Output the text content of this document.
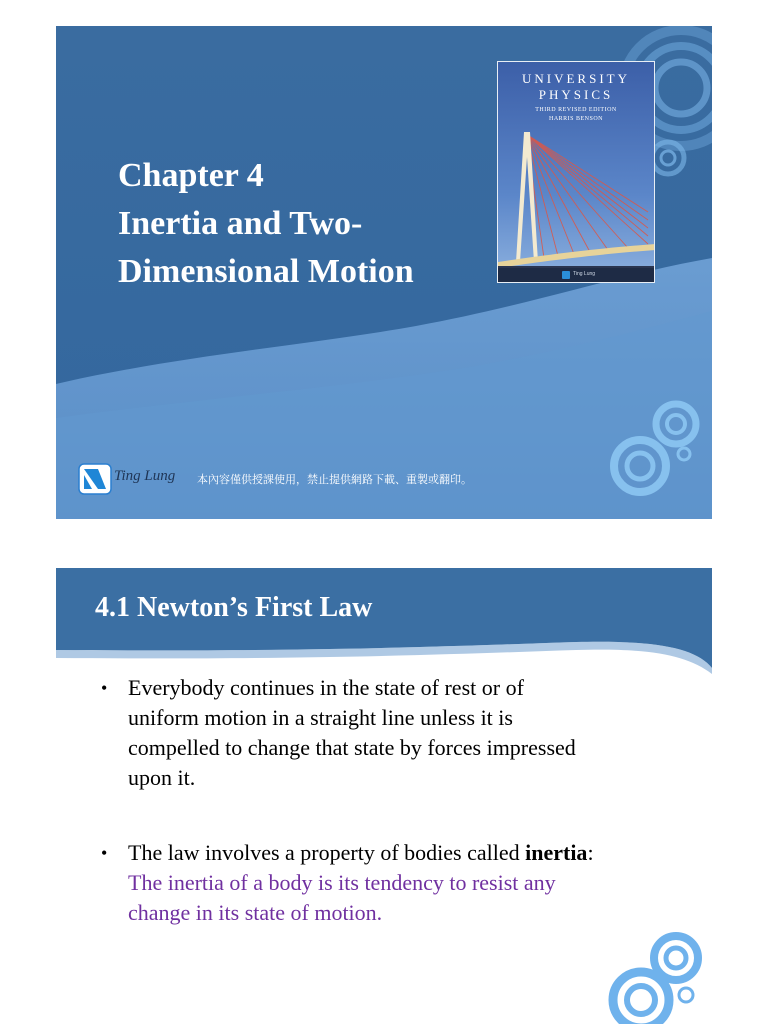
Chapter 4
Inertia and Two-
Dimensional Motion
UNIVERSITY
PHYSICS
THIRD REVISED EDITION
HARRIS BENSON
Ting Lung
Ting Lung 本內容僅供授課使用，禁止提供網路下載、重製或翻印。
4.1 Newton’s First Law
• Everybody continues in the state of rest or of
uniform motion in a straight line unless it is
compelled to change that state by forces impressed
upon it.
• The law involves a property of bodies called inertia:
The inertia of a body is its tendency to resist any
change in its state of motion.
